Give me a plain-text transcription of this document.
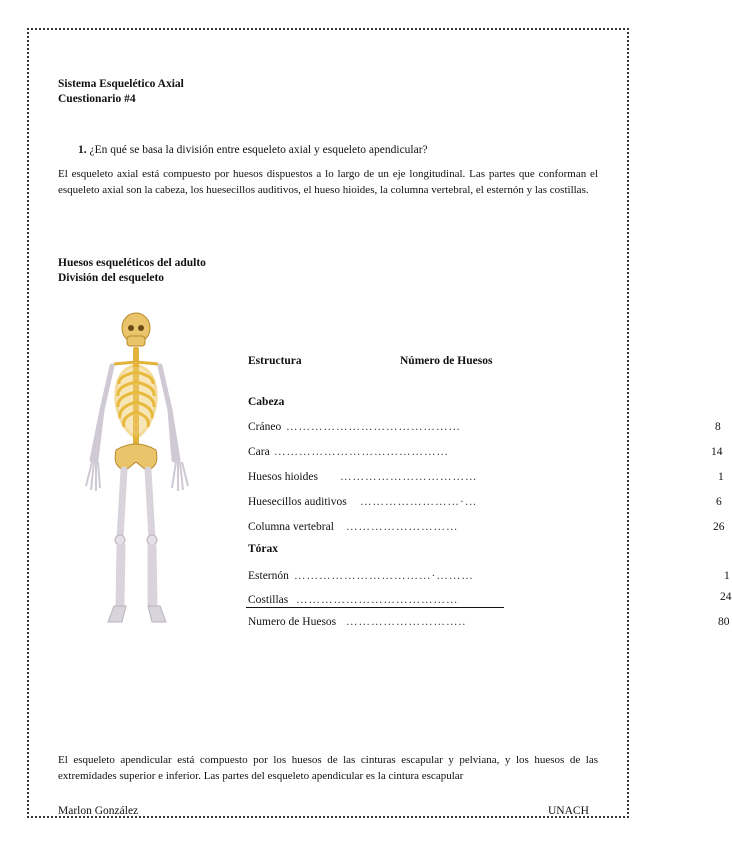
Sistema Esquelético Axial
Cuestionario #4
1. ¿En qué se basa la división entre esqueleto axial y esqueleto apendicular?
El esqueleto axial está compuesto por huesos dispuestos a lo largo de un eje longitudinal. Las partes que conforman el esqueleto axial son la cabeza, los huesecillos auditivos, el hueso hioides, la columna vertebral, el esternón y las costillas.
Huesos esqueléticos del adulto
División del esqueleto
Estructura	Número de Huesos
Cabeza
Cráneo ……………………………………	8
Cara ……………………………………	14
Huesos hioides ……………………………	1
Huesecillos auditivos ……………………·…	6
Columna vertebral ………………………	26
Tórax
Esternón ……………………………·………	1
Costillas …………………………………	24
Numero de Huesos ………………………..	80
El esqueleto apendicular está compuesto por los huesos de las cinturas escapular y pelviana, y los huesos de las extremidades superior e inferior. Las partes del esqueleto apendicular es la cintura escapular
Marlon González	UNACH
